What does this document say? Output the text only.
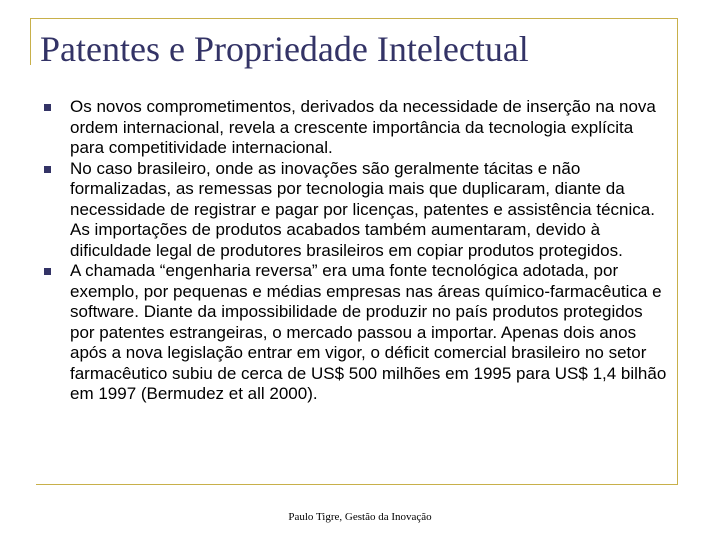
Patentes e Propriedade Intelectual
Os novos comprometimentos, derivados da necessidade de inserção na nova ordem internacional, revela a crescente importância da tecnologia explícita para competitividade internacional.
No caso brasileiro, onde as inovações são geralmente tácitas e não formalizadas, as remessas por tecnologia mais que duplicaram, diante da necessidade de registrar e pagar por licenças, patentes e assistência técnica. As importações de produtos acabados também aumentaram, devido à dificuldade legal de produtores brasileiros em copiar produtos protegidos.
A chamada “engenharia reversa” era uma fonte tecnológica adotada, por exemplo, por pequenas e médias empresas nas áreas químico-farmacêutica e software. Diante da impossibilidade de produzir no país produtos protegidos por patentes estrangeiras, o mercado passou a importar. Apenas dois anos após a nova legislação entrar em vigor, o déficit comercial brasileiro no setor farmacêutico subiu de cerca de US$ 500 milhões em 1995 para US$ 1,4 bilhão em 1997 (Bermudez et all 2000).
Paulo Tigre, Gestão da Inovação
